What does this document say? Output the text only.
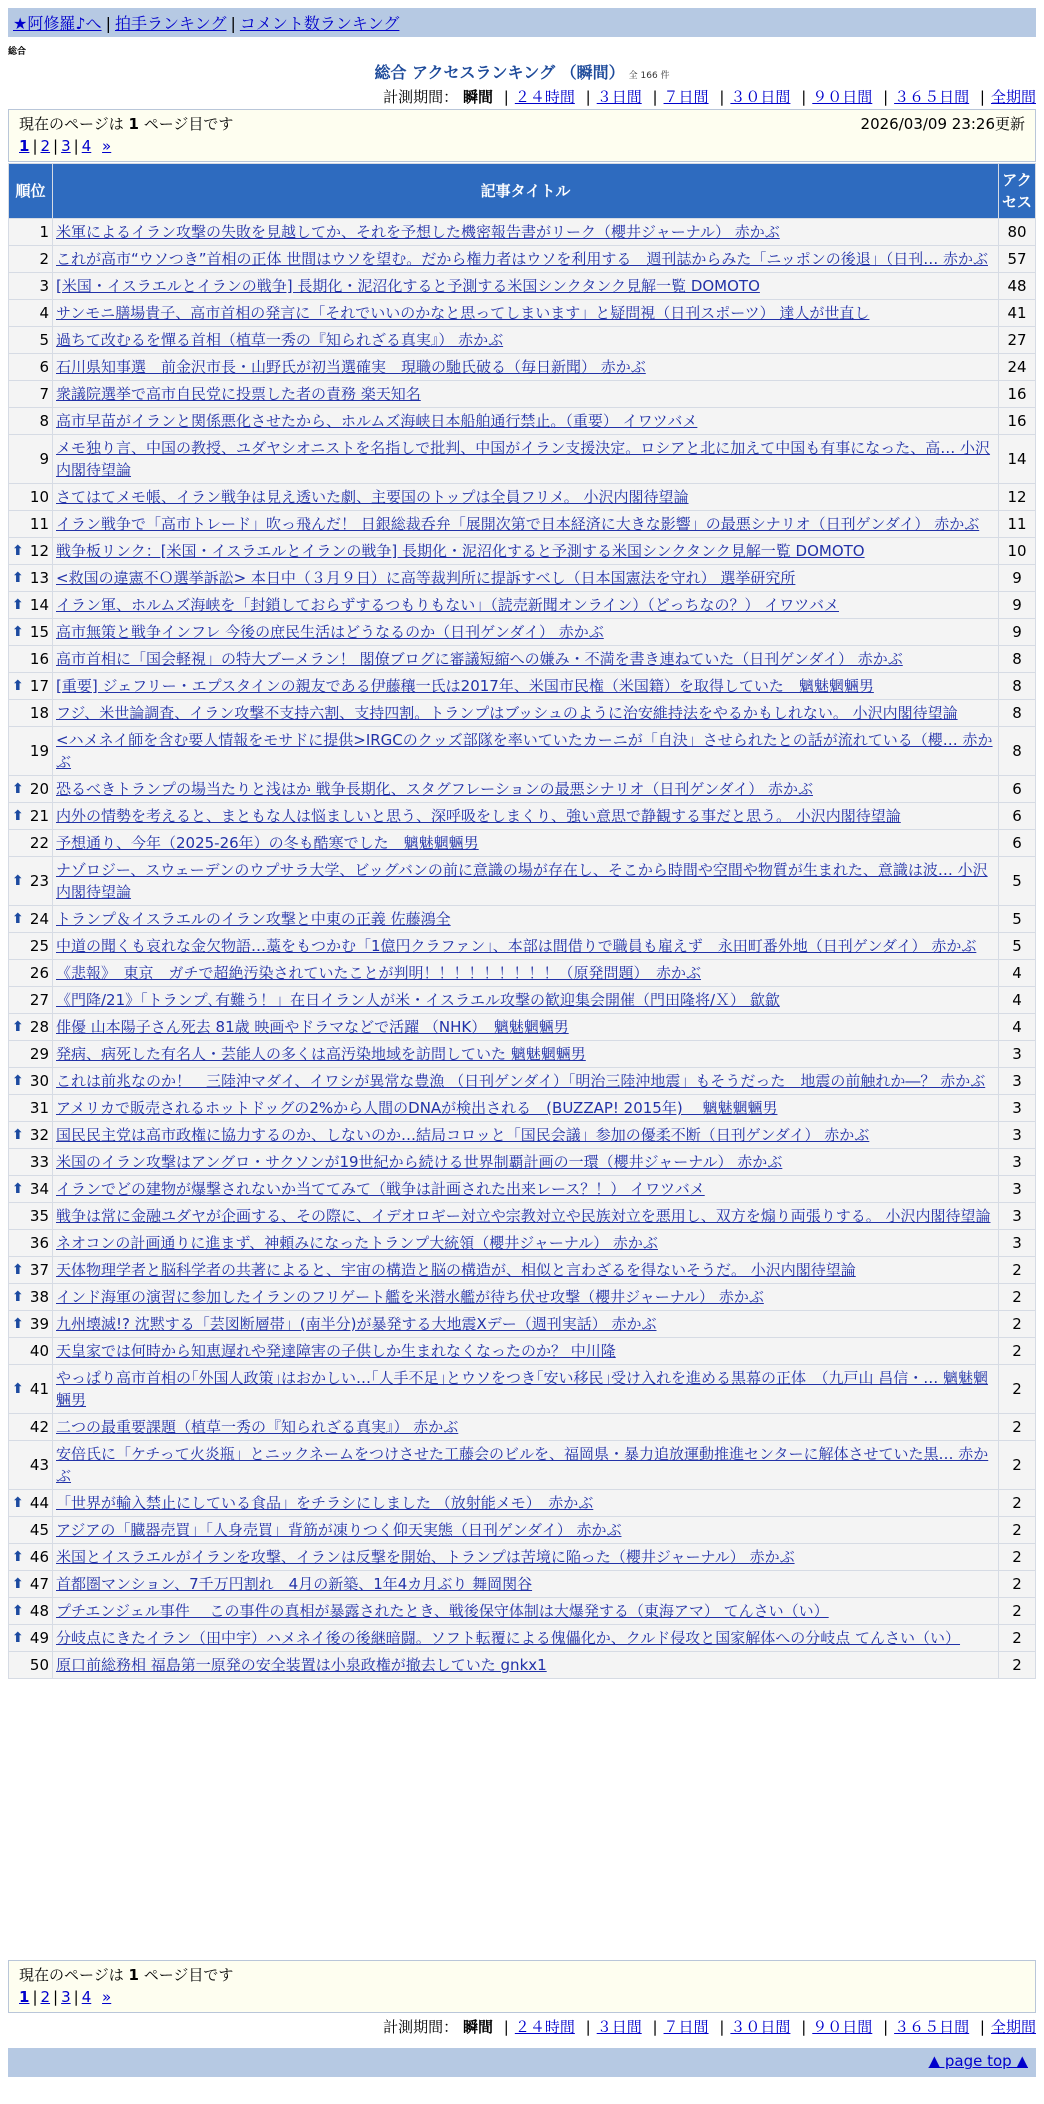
★阿修羅♪へ | 拍手ランキング | コメント数ランキング
総合
総合 アクセスランキング （瞬間） 全 166 件
計測期間： 瞬間 | ２４時間 | ３日間 | ７日間 | ３０日間 | ９０日間 | ３６５日間 | 全期間
現在のページは 1 ページ目です	2026/03/09 23:26更新
1 | 2 | 3 | 4 »
順位	記事タイトル	アクセス
1	米軍によるイラン攻撃の失敗を見越してか、それを予想した機密報告書がリーク（櫻井ジャーナル） 赤かぶ	80
2	これが高市“ウソつき”首相の正体 世間はウソを望む。だから権力者はウソを利用する　週刊誌からみた「ニッポンの後退」（日刊… 赤かぶ	57
3	[米国・イスラエルとイランの戦争] 長期化・泥沼化すると予測する米国シンクタンク見解一覧 DOMOTO	48
4	サンモニ膳場貴子、高市首相の発言に「それでいいのかなと思ってしまいます」と疑問視（日刊スポーツ） 達人が世直し	41
5	過ちて改むるを憚る首相（植草一秀の『知られざる真実』） 赤かぶ	27
6	石川県知事選　前金沢市長・山野氏が初当選確実　現職の馳氏破る（毎日新聞） 赤かぶ	24
7	衆議院選挙で高市自民党に投票した者の責務 楽天知名	16
8	高市早苗がイランと関係悪化させたから、ホルムズ海峡日本船舶通行禁止。（重要） イワツバメ	16
9	メモ独り言、中国の教授、ユダヤシオニストを名指しで批判、中国がイラン支援決定。ロシアと北に加えて中国も有事になった、高… 小沢内閣待望論	14
10	さてはてメモ帳、イラン戦争は見え透いた劇、主要国のトップは全員フリメ。 小沢内閣待望論	12
11	イラン戦争で「高市トレード」吹っ飛んだ！ 日銀総裁呑弁「展開次第で日本経済に大きな影響」の最悪シナリオ（日刊ゲンダイ） 赤かぶ	11

⬆ 12	戦争板リンク：[米国・イスラエルとイランの戦争] 長期化・泥沼化すると予測する米国シンクタンク見解一覧 DOMOTO	10

⬆ 13	<救国の違憲不Ｏ選挙訴訟> 本日中（３月９日）に高等裁判所に提訴すべし（日本国憲法を守れ） 選挙研究所	9

⬆ 14	イラン軍、ホルムズ海峡を「封鎖しておらずするつもりもない」（読売新聞オンライン）（どっちなの？） イワツバメ	9

⬆ 15	高市無策と戦争インフレ 今後の庶民生活はどうなるのか（日刊ゲンダイ） 赤かぶ	9
16	高市首相に「国会軽視」の特大ブーメラン！ 閣僚ブログに審議短縮への嫌み・不満を書き連ねていた（日刊ゲンダイ） 赤かぶ	8

⬆ 17	[重要] ジェフリー・エプスタインの親友である伊藤穰一氏は2017年、米国市民権（米国籍）を取得していた　魑魅魍魎男	8
18	フジ、米世論調査、イラン攻撃不支持六割、支持四割。トランプはブッシュのように治安維持法をやるかもしれない。 小沢内閣待望論	8
19	<ハメネイ師を含む要人情報をモサドに提供>IRGCのクッズ部隊を率いていたカーニが「自決」させられたとの話が流れている（櫻… 赤かぶ	8

⬆ 20	恐るべきトランプの場当たりと浅はか 戦争長期化、スタグフレーションの最悪シナリオ（日刊ゲンダイ） 赤かぶ	6

⬆ 21	内外の情勢を考えると、まともな人は悩ましいと思う、深呼吸をしまくり、強い意思で静観する事だと思う。 小沢内閣待望論	6
22	予想通り、今年（2025-26年）の冬も酷寒でした　魑魅魍魎男	6

⬆ 23	ナゾロジー、スウェーデンのウプサラ大学、ビッグバンの前に意識の場が存在し、そこから時間や空間や物質が生まれた、意識は波… 小沢内閣待望論	5

⬆ 24	トランプ＆イスラエルのイラン攻撃と中東の正義 佐藤鴻全	5
25	中道の聞くも哀れな金欠物語…藁をもつかむ「1億円クラファン」、本部は間借りで職員も雇えず　永田町番外地（日刊ゲンダイ） 赤かぶ	5
26	《悲報》　東京　ガチで超絶汚染されていたことが判明！！！！！！！！！（原発問題）　赤かぶ	4
27	《門降/21》「トランプ､有難う！」在日イラン人が米・イスラエル攻撃の歓迎集会開催（門田隆将/Ｘ） 歙歙	4

⬆ 28	俳優 山本陽子さん死去 81歳 映画やドラマなどで活躍 （NHK）　魑魅魍魎男	4
29	発病、病死した有名人・芸能人の多くは高汚染地域を訪問していた 魑魅魍魎男	3

⬆ 30	これは前兆なのか！　三陸沖マダイ、イワシが異常な豊漁 （日刊ゲンダイ）「明治三陸沖地震」もそうだった　地震の前触れか―？ 赤かぶ	3
31	アメリカで販売されるホットドッグの2%から人間のDNAが検出される　(BUZZAP! 2015年)　 魑魅魍魎男	3

⬆ 32	国民民主党は高市政権に協力するのか、しないのか…結局コロッと「国民会議」参加の優柔不断（日刊ゲンダイ） 赤かぶ	3
33	米国のイラン攻撃はアングロ・サクソンが19世紀から続ける世界制覇計画の一環（櫻井ジャーナル） 赤かぶ	3

⬆ 34	イランでどの建物が爆撃されないか当ててみて（戦争は計画された出来レース？！） イワツバメ	3
35	戦争は常に金融ユダヤが企画する、その際に、イデオロギー対立や宗教対立や民族対立を悪用し、双方を煽り両張りする。 小沢内閣待望論	3
36	ネオコンの計画通りに進まず、神頼みになったトランプ大統領（櫻井ジャーナル） 赤かぶ	3

⬆ 37	天体物理学者と脳科学者の共著によると、宇宙の構造と脳の構造が、相似と言わざるを得ないそうだ。 小沢内閣待望論	2

⬆ 38	インド海軍の演習に参加したイランのフリゲート艦を米潜水艦が待ち伏せ攻撃（櫻井ジャーナル） 赤かぶ	2

⬆ 39	九州壊滅!? 沈黙する「芸図断層帯」(南半分)が暴発する大地震Xデー（週刊実話） 赤かぶ	2
40	天皇家では何時から知恵遅れや発達障害の子供しか生まれなくなったのか？ 中川隆	2

⬆ 41	やっぱり高市首相の｢外国人政策｣はおかしい…｢人手不足｣とウソをつき｢安い移民｣受け入れを進める黒幕の正体　（九戸山 昌信・… 魑魅魍魎男	2
42	二つの最重要課題（植草一秀の『知られざる真実』） 赤かぶ	2
43	安倍氏に「ケチって火炎瓶」とニックネームをつけさせた工藤会のビルを、福岡県・暴力追放運動推進センターに解体させていた黒… 赤かぶ	2

⬆ 44	「世界が輸入禁止にしている食品」をチラシにしました （放射能メモ）　赤かぶ	2
45	アジアの「臓器売買」「人身売買」背筋が凍りつく仰天実態（日刊ゲンダイ） 赤かぶ	2

⬆ 46	米国とイスラエルがイランを攻撃、イランは反撃を開始、トランプは苦境に陥った（櫻井ジャーナル） 赤かぶ	2

⬆ 47	首都圏マンション、7千万円割れ　4月の新築、1年4カ月ぶり 舞岡関谷	2

⬆ 48	プチエンジェル事件　 この事件の真相が暴露されたとき、戦後保守体制は大爆発する（東海アマ） てんさい（い）	2

⬆ 49	分岐点にきたイラン（田中宇）ハメネイ後の後継暗闘。ソフト転覆による傀儡化か、クルド侵攻と国家解体への分岐点 てんさい（い）	2
50	原口前総務相 福島第一原発の安全装置は小泉政権が撤去していた gnkx1	2
現在のページは 1 ページ目です
1 | 2 | 3 | 4 »
計測期間： 瞬間 | ２４時間 | ３日間 | ７日間 | ３０日間 | ９０日間 | ３６５日間 | 全期間
▲ page top ▲
